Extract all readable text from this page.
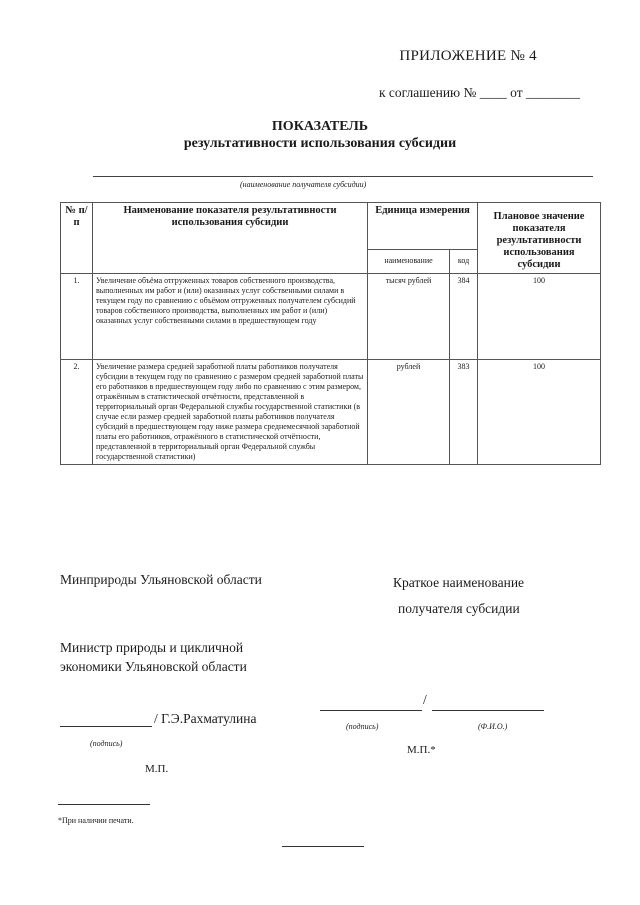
ПРИЛОЖЕНИЕ № 4
к соглашению № ____ от ________
ПОКАЗАТЕЛЬ
результативности использования субсидии
(наименование получателя субсидии)
№ п/п	Наименование показателя результативности использования субсидии	Единица измерения		Плановое значение показателя результативности использования субсидии
		наименование	код	
1.	Увеличение объёма отгруженных товаров собственного производства, выполненных им работ и (или) оказанных услуг собственными силами в текущем году по сравнению с объёмом отгруженных получателем субсидий товаров собственного производства, выполненных им работ и (или) оказанных услуг собственными силами в предшествующем году	тысяч рублей	384	100
2.	Увеличение размера средней заработной платы работников получателя субсидии в текущем году по сравнению с размером средней заработной платы его работников в предшествующем году либо по сравнению с этим размером, отражённым в статистической отчётности, представленной в территориальный орган Федеральной службы государственной статистики (в случае если размер средней заработной платы работников получателя субсидий в предшествующем году ниже размера среднемесячной заработной платы его работников, отражённого в статистической отчётности, представленной в территориальный орган Федеральной службы государственной статистики)	рублей	383	100
Минприроды Ульяновской области
Министр природы и цикличной
экономики Ульяновской области
/ Г.Э.Рахматулина
(подпись)
М.П.
Краткое наименование
получателя субсидии
/
(подпись)	(Ф.И.О.)
М.П.*
*При наличии печати.
